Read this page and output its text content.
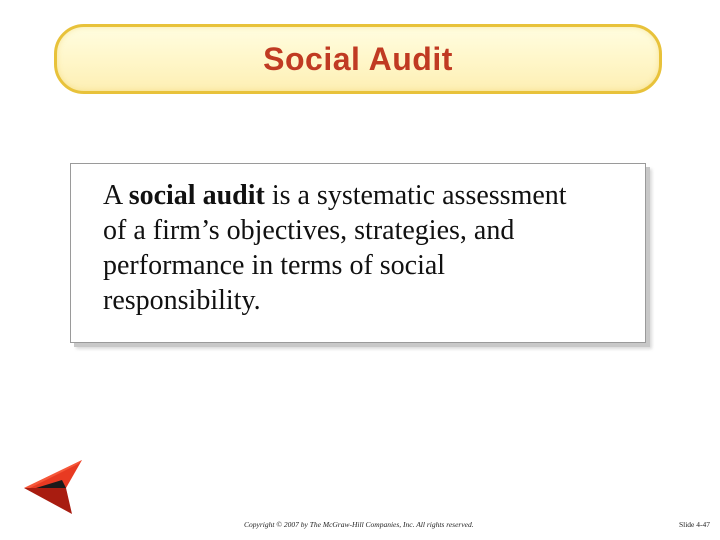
Social Audit

A social audit is a systematic assessment
of a firm’s objectives, strategies, and
performance in terms of social
responsibility.

Copyright © 2007 by The McGraw-Hill Companies, Inc. All rights reserved.	Slide 4-47
